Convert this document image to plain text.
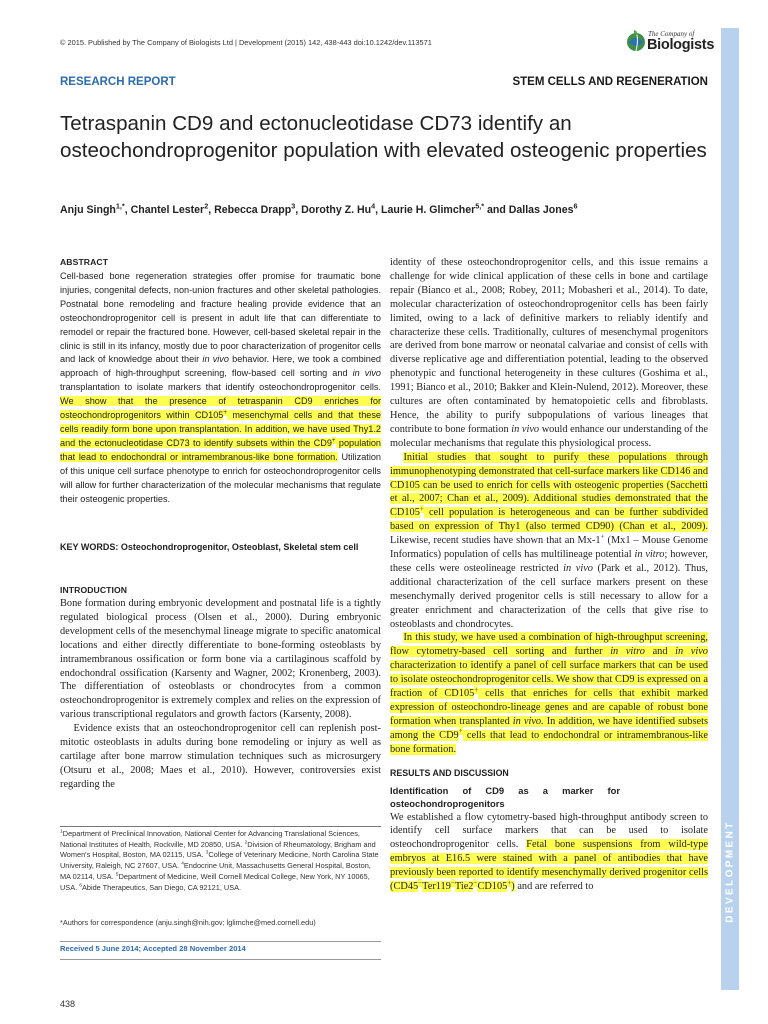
© 2015. Published by The Company of Biologists Ltd | Development (2015) 142, 438-443 doi:10.1242/dev.113571
The Company of
Biologists
RESEARCH REPORT	STEM CELLS AND REGENERATION
Tetraspanin CD9 and ectonucleotidase CD73 identify an osteochondroprogenitor population with elevated osteogenic properties
Anju Singh$^{1,*}$, Chantel Lester$^2$, Rebecca Drapp$^3$, Dorothy Z. Hu$^4$, Laurie H. Glimcher$^{5,*}$ and Dallas Jones$^6$
ABSTRACT
Cell-based bone regeneration strategies offer promise for traumatic bone injuries, congenital defects, non-union fractures and other skeletal pathologies. Postnatal bone remodeling and fracture healing provide evidence that an osteochondroprogenitor cell is present in adult life that can differentiate to remodel or repair the fractured bone. However, cell-based skeletal repair in the clinic is still in its infancy, mostly due to poor characterization of progenitor cells and lack of knowledge about their in vivo behavior. Here, we took a combined approach of high-throughput screening, flow-based cell sorting and in vivo transplantation to isolate markers that identify osteochondroprogenitor cells. We show that the presence of tetraspanin CD9 enriches for osteochondroprogenitors within CD105+ mesenchymal cells and that these cells readily form bone upon transplantation. In addition, we have used Thy1.2 and the ectonucleotidase CD73 to identify subsets within the CD9+ population that lead to endochondral or intramembranous-like bone formation. Utilization of this unique cell surface phenotype to enrich for osteochondroprogenitor cells will allow for further characterization of the molecular mechanisms that regulate their osteogenic properties.
KEY WORDS: Osteochondroprogenitor, Osteoblast, Skeletal stem cell
INTRODUCTION

Bone formation during embryonic development and postnatal life is a tightly regulated biological process (Olsen et al., 2000). During embryonic development cells of the mesenchymal lineage migrate to specific anatomical locations and either directly differentiate to bone-forming osteoblasts by intramembranous ossification or form bone via a cartilaginous scaffold by endochondral ossification (Karsenty and Wagner, 2002; Kronenberg, 2003). The differentiation of osteoblasts or chondrocytes from a common osteochondroprogenitor is extremely complex and relies on the expression of various transcriptional regulators and growth factors (Karsenty, 2008).

Evidence exists that an osteochondroprogenitor cell can replenish post-mitotic osteoblasts in adults during bone remodeling or injury as well as cartilage after bone marrow stimulation techniques such as microsurgery (Otsuru et al., 2008; Maes et al., 2010). However, controversies exist regarding the

$^1$Department of Preclinical Innovation, National Center for Advancing Translational Sciences, National Institutes of Health, Rockville, MD 20850, USA. $^2$Division of Rheumatology, Brigham and Women's Hospital, Boston, MA 02115, USA. $^3$College of Veterinary Medicine, North Carolina State University, Raleigh, NC 27607, USA. $^4$Endocrine Unit, Massachusetts General Hospital, Boston, MA 02114, USA. $^5$Department of Medicine, Weill Cornell Medical College, New York, NY 10065, USA. $^6$Abide Therapeutics, San Diego, CA 92121, USA.
*Authors for correspondence (anju.singh@nih.gov; lglimche@med.cornell.edu)
Received 5 June 2014; Accepted 28 November 2014
438

identity of these osteochondroprogenitor cells, and this issue remains a challenge for wide clinical application of these cells in bone and cartilage repair (Bianco et al., 2008; Robey, 2011; Mobasheri et al., 2014). To date, molecular characterization of osteochondroprogenitor cells has been fairly limited, owing to a lack of definitive markers to reliably identify and characterize these cells. Traditionally, cultures of mesenchymal progenitors are derived from bone marrow or neonatal calvariae and consist of cells with diverse replicative age and differentiation potential, leading to the observed phenotypic and functional heterogeneity in these cultures (Goshima et al., 1991; Bianco et al., 2010; Bakker and Klein-Nulend, 2012). Moreover, these cultures are often contaminated by hematopoietic cells and fibroblasts. Hence, the ability to purify subpopulations of various lineages that contribute to bone formation in vivo would enhance our understanding of the molecular mechanisms that regulate this physiological process.

Initial studies that sought to purify these populations through immunophenotyping demonstrated that cell-surface markers like CD146 and CD105 can be used to enrich for cells with osteogenic properties (Sacchetti et al., 2007; Chan et al., 2009). Additional studies demonstrated that the CD105+ cell population is heterogeneous and can be further subdivided based on expression of Thy1 (also termed CD90) (Chan et al., 2009). Likewise, recent studies have shown that an Mx-1+ (Mx1 – Mouse Genome Informatics) population of cells has multilineage potential in vitro; however, these cells were osteolineage restricted in vivo (Park et al., 2012). Thus, additional characterization of the cell surface markers present on these mesenchymally derived progenitor cells is still necessary to allow for a greater enrichment and characterization of the cells that give rise to osteoblasts and chondrocytes.

In this study, we have used a combination of high-throughput screening, flow cytometry-based cell sorting and further in vitro and in vivo characterization to identify a panel of cell surface markers that can be used to isolate osteochondroprogenitor cells. We show that CD9 is expressed on a fraction of CD105+ cells that enriches for cells that exhibit marked expression of osteochondro-lineage genes and are capable of robust bone formation when transplanted in vivo. In addition, we have identified subsets among the CD9+ cells that lead to endochondral or intramembranous-like bone formation.

RESULTS AND DISCUSSION
Identification of CD9 as a marker for osteochondroprogenitors

We established a flow cytometry-based high-throughput antibody screen to identify cell surface markers that can be used to isolate osteochondroprogenitor cells. Fetal bone suspensions from wild-type embryos at E16.5 were stained with a panel of antibodies that have previously been reported to identify mesenchymally derived progenitor cells (CD45−Ter119−Tie2−CD105+) and are referred to	DEVELOPMENT
